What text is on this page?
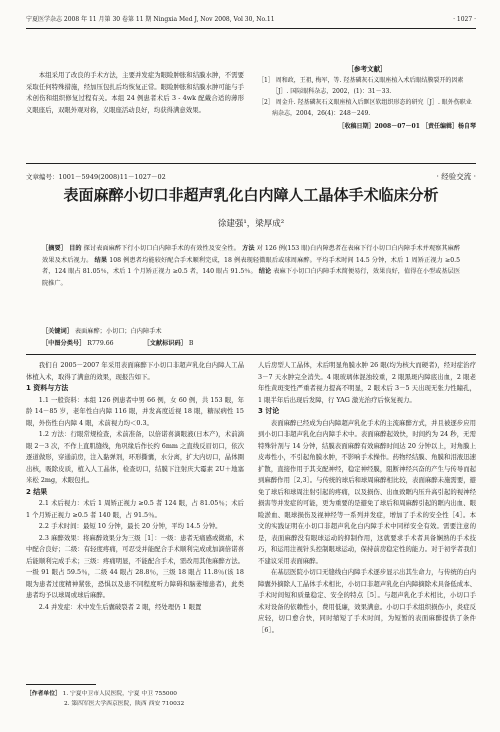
宁夏医学杂志 2008 年 11 月第 30 卷第 11 期 Ningxia Med J, Nov 2008, Vol 30, No.11	· 1027 ·

本组采用了改良的手术方法，主要并发症为眼睑肿胀和结膜水肿，不需要采取任何特殊措施，经加压包扎后均恢复正常。眼睑肿胀和结膜水肿可能与手术创伤和组织修复过程有关。本组 24 例患者术后 3 - 4wk 配戴合适的薄形义眼座后，双眼外观对称，义眼座活动良好，均获得满意效果。

［参考文献］
［1］ 周和政，王祖, 梅军，等. 羟基磷灰石义眼座植入术后眼结膜裂开的因素［J］. 国际眼科杂志，2002，(1)：31－33.
［2］ 周金升. 羟基磷灰石义眼座植入后眶区软组织形态的研究［J］. 眼外伤职业病杂志，2004，26(4)：248－249.
［收稿日期］2008－07－01 ［责任编辑］杨自琴
文章编号：1001－5949(2008)11－1027－02	· 经验交流 ·
表面麻醉小切口非超声乳化白内障人工晶体手术临床分析
徐建强¹，梁厚成²
［摘要］ 目的 探讨表面麻醉下行小切口白内障手术的有效性及安全性。 方法 对 126 例(153 眼)白内障患者在表麻下行小切口白内障手术并观察其麻醉效果及术后视力。 结果 108 例患者均能较好配合手术顺利完成，18 例表现轻微眼后或球周麻醉。平均手术时间 14.5 分钟，术后 1 周矫正视力 ≥0.5 者，124 眼占 81.05％，术后 1 个月矫正视力 ≥0.5 者，140 眼占 91.5％。 结论 表麻下小切口白内障手术简便易行，效果良好，值得在小型或基层医院推广。
［关键词］ 表面麻醉；小切口；白内障手术
［中图分类号］ R779.66	［文献标识码］ B

我们自 2005－2007 年采用表面麻醉下小切口非超声乳化白内障人工晶体植入术，取得了满意的效果，现报告如下。

1 资料与方法

1.1 一般资料：本组 126 例患者中男 66 例，女 60 例，共 153 眼，年龄 14－85 岁，老年性白内障 116 眼，并发高度近视 18 眼，糖尿病性 15 眼，外伤性白内障 4 眼，术前视力均＜0.3。

1.2 方法：行眼常规检查，术前准备，以倍诺喜滴眼液(日本产)，术前滴眼 2－3 次，不作上直肌缝线，角巩缘后作长约 6mm 之直线反眉切口，依次逐道做形，穿通前房，注入黏弹剂，环形撕囊，水分离，扩大内切口，晶体圈出核，吸除皮质，植入人工晶体，检查切口，结膜下注射庆大霉素 2U＋地塞米松 2mg，术眼包扎。

2 结果

2.1 术后视力：术后 1 周矫正视力 ≥0.5 者 124 眼，占 81.05％；术后 1 个月矫正视力 ≥0.5 者 140 眼，占 91.5％。

2.2 手术时间：最短 10 分钟，最长 20 分钟，平均 14.5 分钟。

2.3 麻醉效果：将麻醉效果分为三级［1］：一级：患者无痛感或微痛，术中配合良好；二级：有轻度疼痛，可忍受并能配合手术顺利完成或加滴倍诺喜后能顺利完成手术；三级：疼痛明显，不能配合手术，需改用其他麻醉方法。一级 91 眼占 59.5％，二级 44 眼占 28.8％，三级 18 眼占 11.8％(该 18 眼为患者过度精神紧张，恐惧以及患不同程度听力障碍和脑萎缩患者)，此类患者均予以球周或球后麻醉。

2.4 并发症：术中发生后囊破裂者 2 眼，经处理仍 1 眼置

人后房型人工晶体，术后明显角膜水肿 26 眼(均为核大而硬者)，经对症治疗 3－7 天水肿完全消失。4 眼玻璃体混浊较重，2 眼黑斑内障底出血，2 眼老年性黄斑变性严重者视力提高不明显，2 眼术后 3－5 天出现无张力性瞳孔，1 眼半年后出现后发障，行 YAG 激光治疗后恢复视力。

3 讨论

表面麻醉已经成为白内障超声乳化手术的主流麻醉方式，并且被逐步应用到小切口非超声乳化白内障手术中。表面麻醉起效快，时间约为 24 秒，无需特殊针剂与 14 分钟，结膜表面麻醉有效麻醉时间达 20 分钟以上，对角膜上皮毒性小，不引起角膜水肿，不影响手术操作。药物经结膜、角膜和泪液迅速扩散，直接作用于其支配神经，稳定神经膜，阻断神经兴奋的产生与传导而起到麻醉作用［2,3］。与传统的球后和球周麻醉相比较，表面麻醉未施需要，避免了球后和球周注射引起的疼痛，以及损伤、出血致眶内压升高引起的视神经损害等并发症的可能，更为重要的是避免了球后和周麻醉引起的眶内出血、眼睑淤血、眼球损伤及视神经等一系列并发症，增加了手术的安全性［4］。本文的实践证明在小切口非超声乳化白内障手术中同样安全有效。需要注意的是，表面麻醉没有眼球运动的抑制作用，这就要求手术者具备娴熟的手术技巧，和运用注视针头控制眼球运动，保持前房稳定性的能力。对于初学者我们不建议采用表面麻醉。

在基层医院小切口无缝线白内障手术逐步显示出其生命力，与传统的白内障囊外摘除人工晶体手术相比，小切口非超声乳化白内障摘除术具备低成本、手术时间短和质量稳定、安全的特点［5］。与超声乳化手术相比，小切口手术对设备的依赖性小，费用低廉，效果满意。小切口手术组织损伤小，炎症反应轻，切口愈合快，同时缩短了手术时间，为短暂的表面麻醉提供了条件［6］。

［作者单位］ 1. 宁夏中卫市人民医院，宁夏 中卫 755000
2. 第四军医大学西京医院，陕西 西安 710032
